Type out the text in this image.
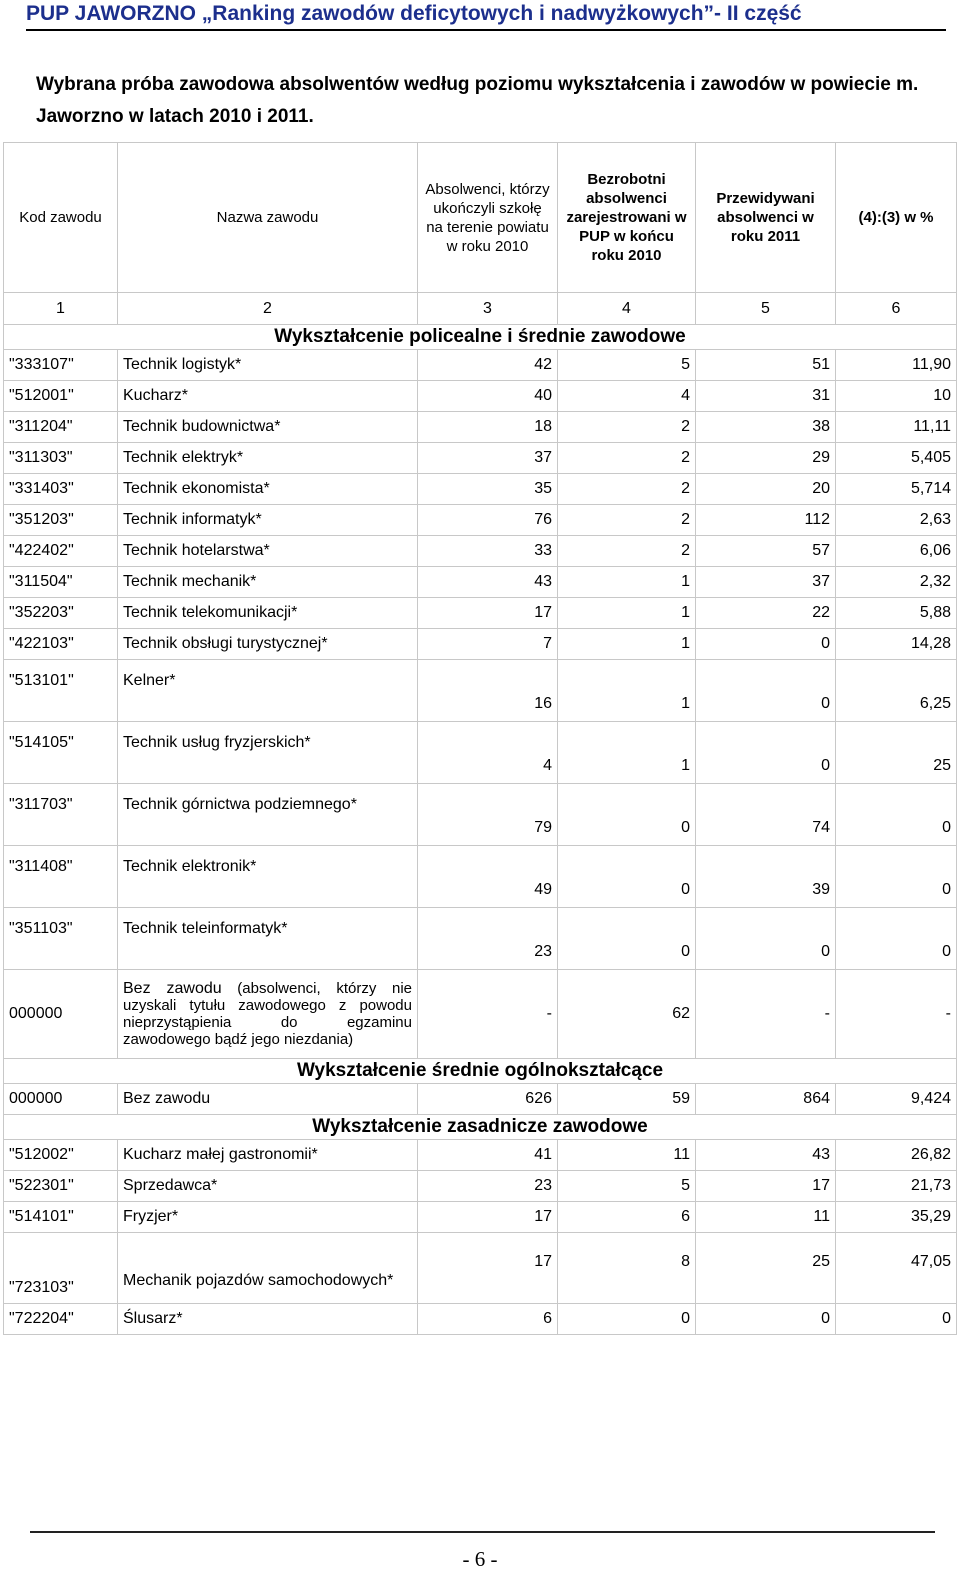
PUP JAWORZNO „Ranking zawodów deficytowych i nadwyżkowych”- II część
Wybrana próba zawodowa absolwentów według poziomu wykształcenia i zawodów w powiecie m. Jaworzno w latach 2010 i 2011.
Kod zawodu	Nazwa zawodu	Absolwenci, którzy ukończyli szkołę na terenie powiatu w roku 2010	Bezrobotni absolwenci zarejestrowani w PUP w końcu roku 2010	Przewidywani absolwenci w roku 2011	(4):(3) w %
1	2	3	4	5	6
Wykształcenie policealne i średnie zawodowe					
"333107"	Technik logistyk*	42	5	51	11,90
"512001"	Kucharz*	40	4	31	10
"311204"	Technik budownictwa*	18	2	38	11,11
"311303"	Technik elektryk*	37	2	29	5,405
"331403"	Technik ekonomista*	35	2	20	5,714
"351203"	Technik informatyk*	76	2	112	2,63
"422402"	Technik hotelarstwa*	33	2	57	6,06
"311504"	Technik mechanik*	43	1	37	2,32
"352203"	Technik telekomunikacji*	17	1	22	5,88
"422103"	Technik obsługi turystycznej*	7	1	0	14,28
"513101"	Kelner*	16	1	0	6,25
"514105"	Technik usług fryzjerskich*	4	1	0	25
"311703"	Technik górnictwa podziemnego*	79	0	74	0
"311408"	Technik elektronik*	49	0	39	0
"351103"	Technik teleinformatyk*	23	0	0	0
000000	Bez zawodu (absolwenci, którzy nie uzyskali tytułu zawodowego z powodu nieprzystąpienia do egzaminu zawodowego bądź jego niezdania)	-	62	-	-
Wykształcenie średnie ogólnokształcące					
000000	Bez zawodu	626	59	864	9,424
Wykształcenie zasadnicze zawodowe					
"512002"	Kucharz małej gastronomii*	41	11	43	26,82
"522301"	Sprzedawca*	23	5	17	21,73
"514101"	Fryzjer*	17	6	11	35,29
"723103"	Mechanik pojazdów samochodowych*	17	8	25	47,05
"722204"	Ślusarz*	6	0	0	0
- 6 -
